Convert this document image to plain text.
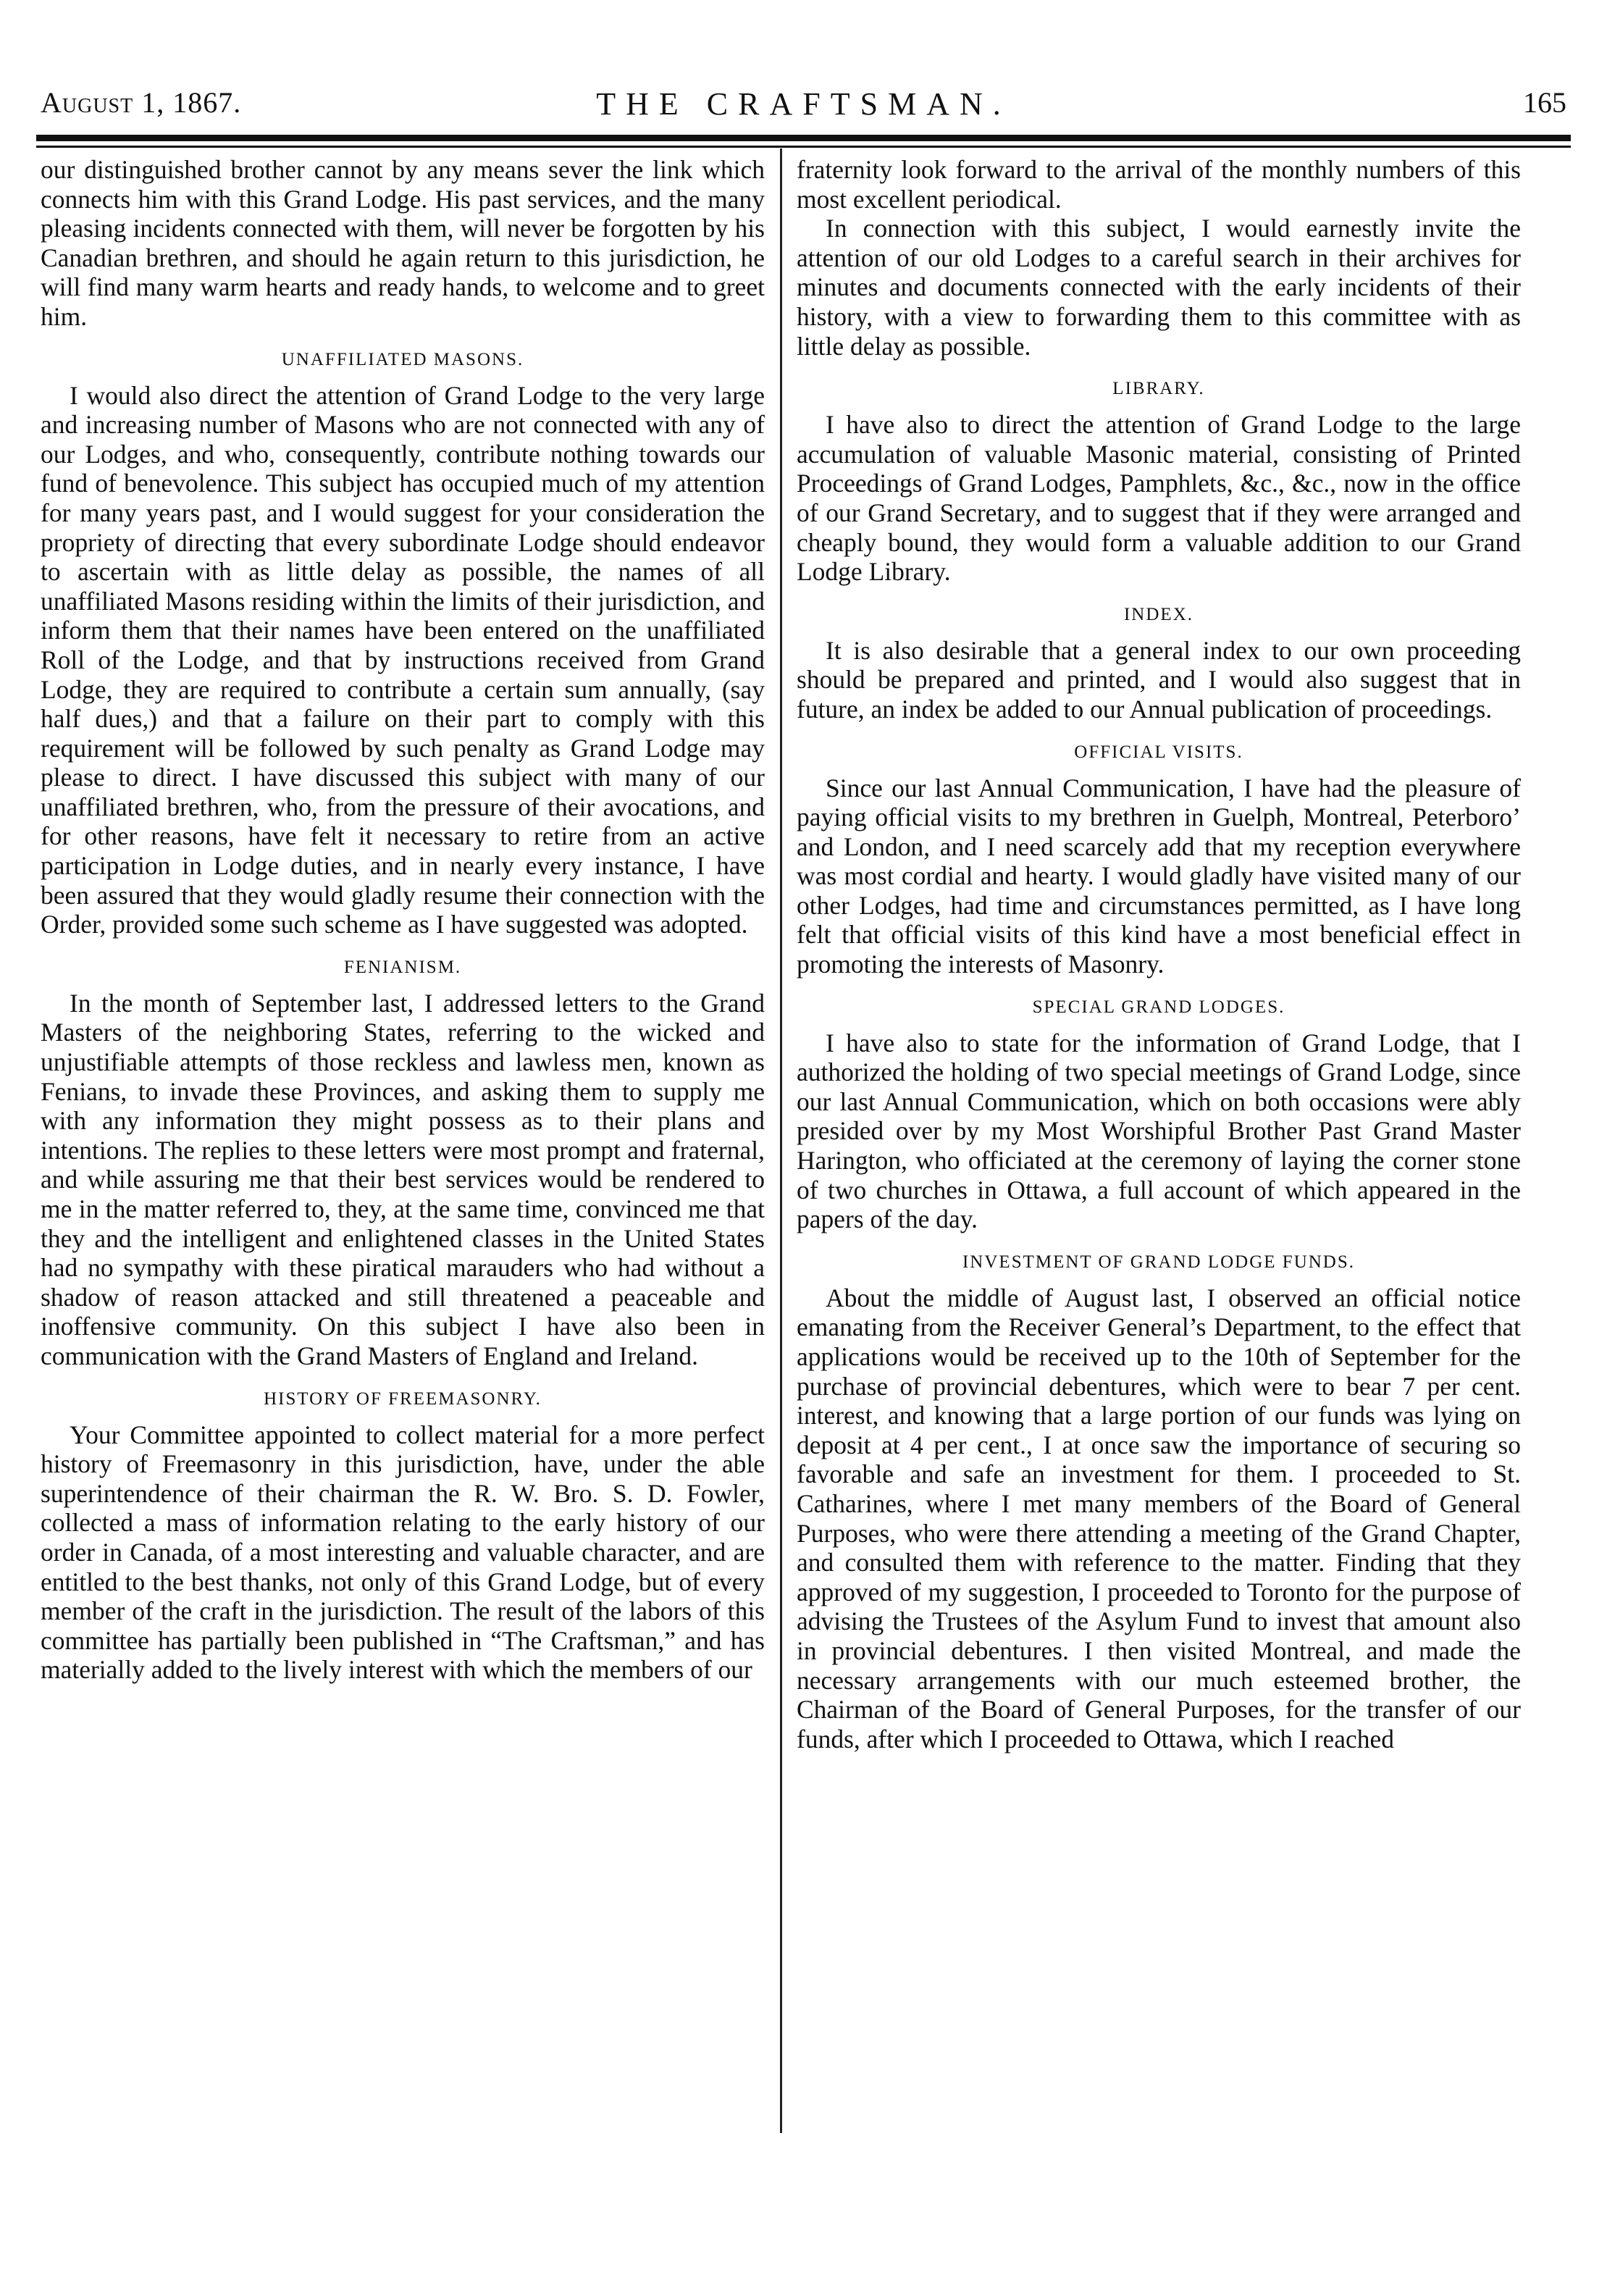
August 1, 1867.	THE CRAFTSMAN.	165

our distinguished brother cannot by any means sever the link which connects him with this Grand Lodge. His past services, and the many pleasing incidents connected with them, will never be forgotten by his Canadian brethren, and should he again return to this jurisdiction, he will find many warm hearts and ready hands, to welcome and to greet him.

UNAFFILIATED MASONS.

I would also direct the attention of Grand Lodge to the very large and increasing number of Masons who are not connected with any of our Lodges, and who, consequently, contribute nothing towards our fund of benevolence. This subject has occupied much of my attention for many years past, and I would suggest for your consideration the propriety of directing that every subordinate Lodge should endeavor to ascertain with as little delay as possible, the names of all unaffiliated Masons residing within the limits of their jurisdiction, and inform them that their names have been entered on the unaffiliated Roll of the Lodge, and that by instructions received from Grand Lodge, they are required to contribute a certain sum annually, (say half dues,) and that a failure on their part to comply with this requirement will be followed by such penalty as Grand Lodge may please to direct. I have discussed this subject with many of our unaffiliated brethren, who, from the pressure of their avocations, and for other reasons, have felt it necessary to retire from an active participation in Lodge duties, and in nearly every instance, I have been assured that they would gladly resume their connection with the Order, provided some such scheme as I have suggested was adopted.

FENIANISM.

In the month of September last, I addressed letters to the Grand Masters of the neighboring States, referring to the wicked and unjustifiable attempts of those reckless and lawless men, known as Fenians, to invade these Provinces, and asking them to supply me with any information they might possess as to their plans and intentions. The replies to these letters were most prompt and fraternal, and while assuring me that their best services would be rendered to me in the matter referred to, they, at the same time, convinced me that they and the intelligent and enlightened classes in the United States had no sympathy with these piratical marauders who had without a shadow of reason attacked and still threatened a peaceable and inoffensive community. On this subject I have also been in communication with the Grand Masters of England and Ireland.

HISTORY OF FREEMASONRY.

Your Committee appointed to collect material for a more perfect history of Freemasonry in this jurisdiction, have, under the able superintendence of their chairman the R. W. Bro. S. D. Fowler, collected a mass of information relating to the early history of our order in Canada, of a most interesting and valuable character, and are entitled to the best thanks, not only of this Grand Lodge, but of every member of the craft in the jurisdiction. The result of the labors of this committee has partially been published in “The Craftsman,” and has materially added to the lively interest with which the members of our

fraternity look forward to the arrival of the monthly numbers of this most excellent periodical.

In connection with this subject, I would earnestly invite the attention of our old Lodges to a careful search in their archives for minutes and documents connected with the early incidents of their history, with a view to forwarding them to this committee with as little delay as possible.

LIBRARY.

I have also to direct the attention of Grand Lodge to the large accumulation of valuable Masonic material, consisting of Printed Proceedings of Grand Lodges, Pamphlets, &c., &c., now in the office of our Grand Secretary, and to suggest that if they were arranged and cheaply bound, they would form a valuable addition to our Grand Lodge Library.

INDEX.

It is also desirable that a general index to our own proceeding should be prepared and printed, and I would also suggest that in future, an index be added to our Annual publication of proceedings.

OFFICIAL VISITS.

Since our last Annual Communication, I have had the pleasure of paying official visits to my brethren in Guelph, Montreal, Peterboro’ and London, and I need scarcely add that my reception everywhere was most cordial and hearty. I would gladly have visited many of our other Lodges, had time and circumstances permitted, as I have long felt that official visits of this kind have a most beneficial effect in promoting the interests of Masonry.

SPECIAL GRAND LODGES.

I have also to state for the information of Grand Lodge, that I authorized the holding of two special meetings of Grand Lodge, since our last Annual Communication, which on both occasions were ably presided over by my Most Worshipful Brother Past Grand Master Harington, who officiated at the ceremony of laying the corner stone of two churches in Ottawa, a full account of which appeared in the papers of the day.

INVESTMENT OF GRAND LODGE FUNDS.

About the middle of August last, I observed an official notice emanating from the Receiver General’s Department, to the effect that applications would be received up to the 10th of September for the purchase of provincial debentures, which were to bear 7 per cent. interest, and knowing that a large portion of our funds was lying on deposit at 4 per cent., I at once saw the importance of securing so favorable and safe an investment for them. I proceeded to St. Catharines, where I met many members of the Board of General Purposes, who were there attending a meeting of the Grand Chapter, and consulted them with reference to the matter. Finding that they approved of my suggestion, I proceeded to Toronto for the purpose of advising the Trustees of the Asylum Fund to invest that amount also in provincial debentures. I then visited Montreal, and made the necessary arrangements with our much esteemed brother, the Chairman of the Board of General Purposes, for the transfer of our funds, after which I proceeded to Ottawa, which I reached
